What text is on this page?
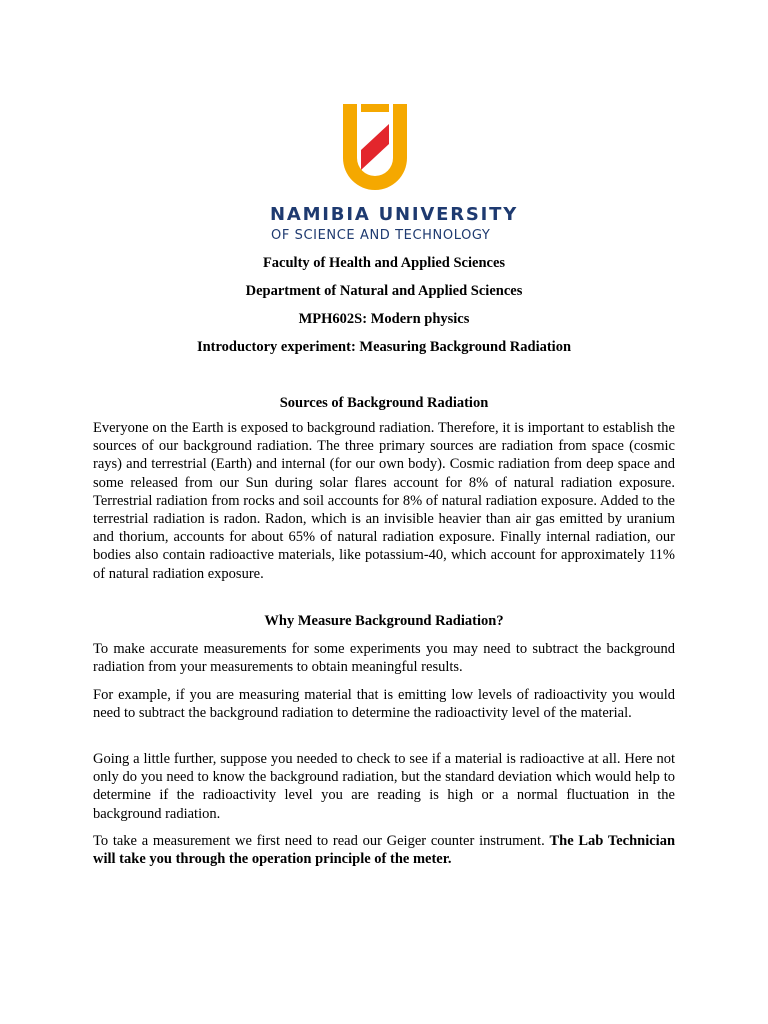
NAMIBIA UNIVERSITY
OF SCIENCE AND TECHNOLOGY
Faculty of Health and Applied Sciences
Department of Natural and Applied Sciences
MPH602S: Modern physics
Introductory experiment: Measuring Background Radiation
Sources of Background Radiation

Everyone on the Earth is exposed to background radiation. Therefore, it is important to establish the sources of our background radiation. The three primary sources are radiation from space (cosmic rays) and terrestrial (Earth) and internal (for our own body). Cosmic radiation from deep space and some released from our Sun during solar flares account for 8% of natural radiation exposure. Terrestrial radiation from rocks and soil accounts for 8% of natural radiation exposure. Added to the terrestrial radiation is radon. Radon, which is an invisible heavier than air gas emitted by uranium and thorium, accounts for about 65% of natural radiation exposure. Finally internal radiation, our bodies also contain radioactive materials, like potassium-40, which account for approximately 11% of natural radiation exposure.

Why Measure Background Radiation?

To make accurate measurements for some experiments you may need to subtract the background radiation from your measurements to obtain meaningful results.

For example, if you are measuring material that is emitting low levels of radioactivity you would need to subtract the background radiation to determine the radioactivity level of the material.

Going a little further, suppose you needed to check to see if a material is radioactive at all. Here not only do you need to know the background radiation, but the standard deviation which would help to determine if the radioactivity level you are reading is high or a normal fluctuation in the background radiation.

To take a measurement we first need to read our Geiger counter instrument. The Lab Technician will take you through the operation principle of the meter.
